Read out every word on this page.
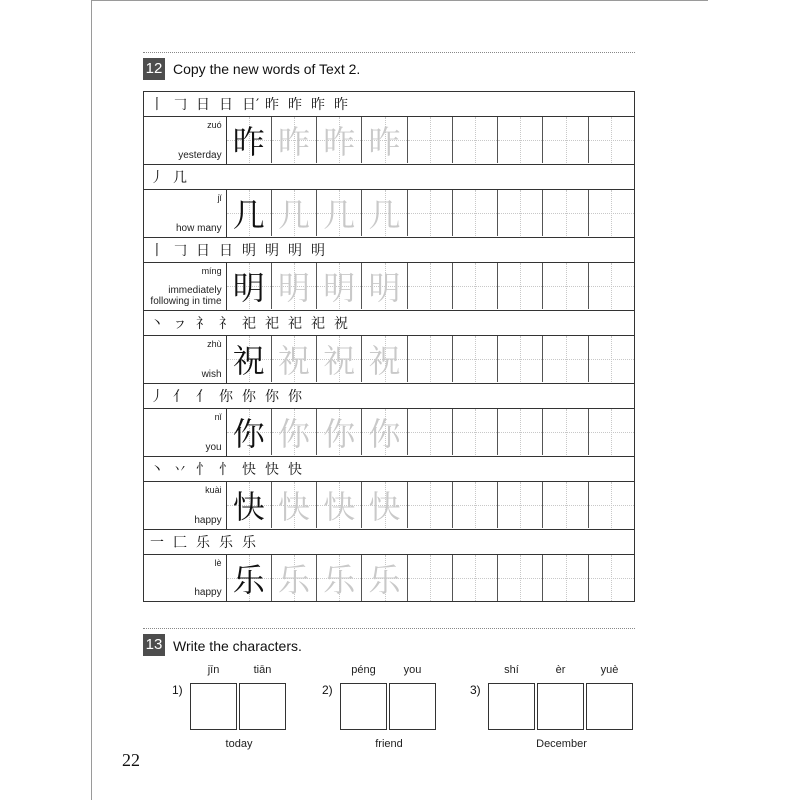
12 Copy the new words of Text 2.
丨 𠃌 日 日 日′ 昨 昨 昨 昨
zuó
yesterday 昨 昨 昨 昨
丿 几
jǐ
how many 几 几 几 几
丨 𠃌 日 日 明 明 明 明
míng
immediately
following in time 明 明 明 明
丶 ㇷ 礻 礻 祀 祀 祀 祀 祝
zhù
wish 祝 祝 祝 祝
丿 亻 亻 你 你 你 你
nǐ
you 你 你 你 你
丶 丷 忄 忄 快 快 快
kuài
happy 快 快 快 快
一 匚 乐 乐 乐
lè
happy 乐 乐 乐 乐
13 Write the characters.
1)
jīn	tiān
today
2)
péng	you
friend
3)
shí	èr	yuè
December
22
